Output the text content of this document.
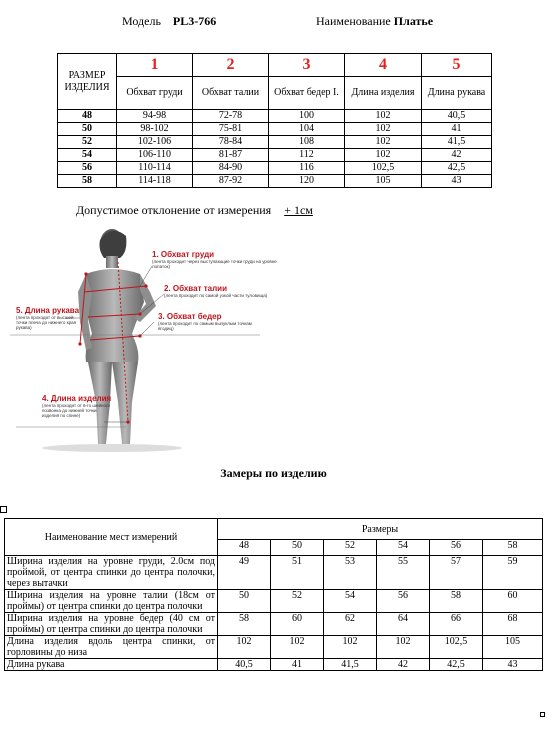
Модель PL3-766	Наименование Платье
РАЗМЕР ИЗДЕЛИЯ	1	2	3	4	5
	Обхват груди	Обхват талии	Обхват бедер I.	Длина изделия	Длина рукава
48	94-98	72-78	100	102	40,5
50	98-102	75-81	104	102	41
52	102-106	78-84	108	102	41,5
54	106-110	81-87	112	102	42
56	110-114	84-90	116	102,5	42,5
58	114-118	87-92	120	105	43
Допустимое отклонение от измерения + 1см
1. Обхват груди
(лента проходит через выступающие точки груди на уровне лопаток)
2. Обхват талии
(лента проходит по самой узкой части туловища)
3. Обхват бедер
(лента проходит по самым выпуклым точкам ягодиц)
5. Длина рукава
(лента проходит от высшей точки плеча до нижнего края рукава)
4. Длина изделия
(лента проходит от 6-го шейного позвонка до нижней точки изделия по спине)
Замеры по изделию
Наименование мест измерений	Размеры					
	48	50	52	54	56	58
Ширина изделия на уровне груди, 2.0см под проймой, от центра спинки до центра полочки, через вытачки	49	51	53	55	57	59
Ширина изделия на уровне талии (18см от проймы) от центра спинки до центра полочки	50	52	54	56	58	60
Ширина изделия на уровне бедер (40 см от проймы) от центра спинки до центра полочки	58	60	62	64	66	68
Длина изделия вдоль центра спинки, от горловины до низа	102	102	102	102	102,5	105
Длина рукава	40,5	41	41,5	42	42,5	43
